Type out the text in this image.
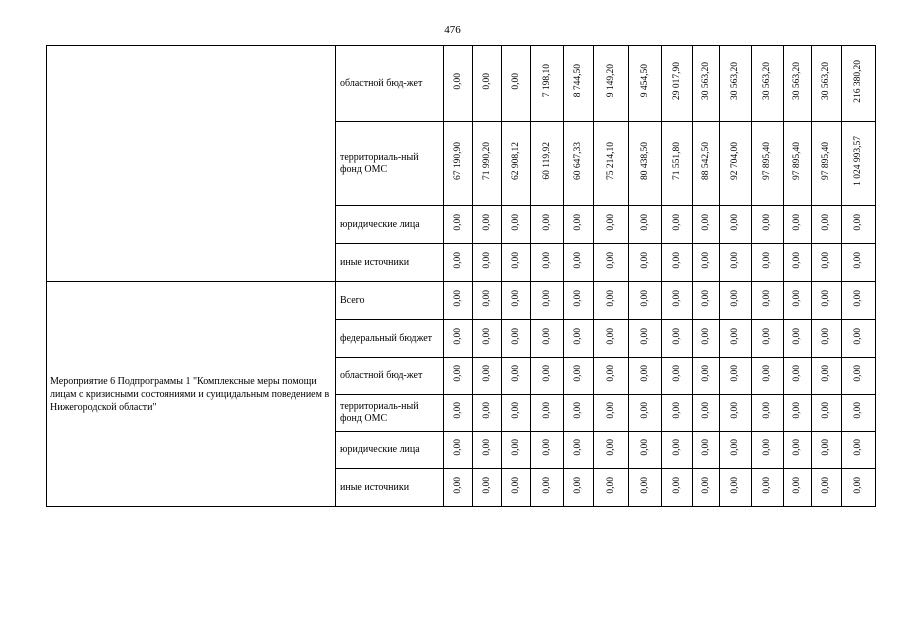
476
	областной бюд-жет	0,00	0,00	0,00	7 198,10	8 744,50	9 149,20	9 454,50	29 017,90	30 563,20	30 563,20	30 563,20	30 563,20	30 563,20	216 380,20
	территориаль-ный фонд ОМС	67 190,90	71 990,20	62 908,12	60 119,92	60 647,33	75 214,10	80 438,50	71 551,80	88 542,50	92 704,00	97 895,40	97 895,40	97 895,40	1 024 993,57
	юридические лица	0,00	0,00	0,00	0,00	0,00	0,00	0,00	0,00	0,00	0,00	0,00	0,00	0,00	0,00
	иные источники	0,00	0,00	0,00	0,00	0,00	0,00	0,00	0,00	0,00	0,00	0,00	0,00	0,00	0,00
Мероприятие 6 Подпрограммы 1 "Комплексные меры помощи лицам с кризисными состояниями и суицидальным поведением в Нижегородской области"	Всего	0,00	0,00	0,00	0,00	0,00	0,00	0,00	0,00	0,00	0,00	0,00	0,00	0,00	0,00
	федеральный бюджет	0,00	0,00	0,00	0,00	0,00	0,00	0,00	0,00	0,00	0,00	0,00	0,00	0,00	0,00
	областной бюд-жет	0,00	0,00	0,00	0,00	0,00	0,00	0,00	0,00	0,00	0,00	0,00	0,00	0,00	0,00
	территориаль-ный фонд ОМС	0,00	0,00	0,00	0,00	0,00	0,00	0,00	0,00	0,00	0,00	0,00	0,00	0,00	0,00
	юридические лица	0,00	0,00	0,00	0,00	0,00	0,00	0,00	0,00	0,00	0,00	0,00	0,00	0,00	0,00
	иные источники	0,00	0,00	0,00	0,00	0,00	0,00	0,00	0,00	0,00	0,00	0,00	0,00	0,00	0,00
